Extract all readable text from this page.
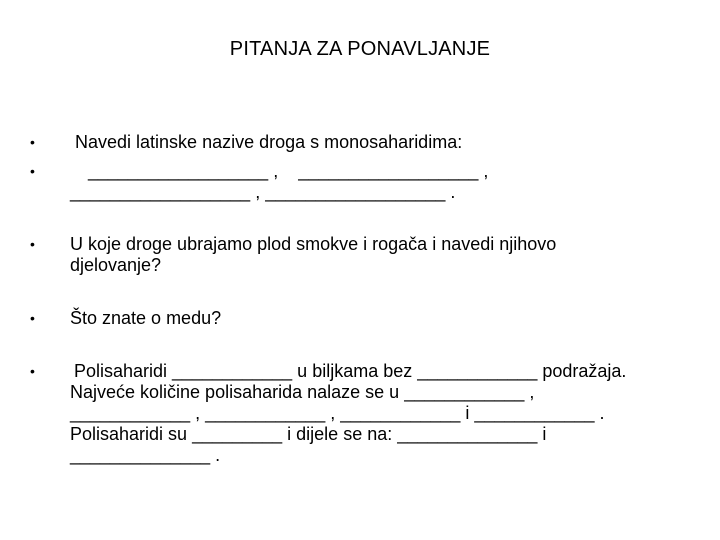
PITANJA ZA PONAVLJANJE
• Navedi latinske nazive droga s monosaharidima:
•	__________________ ,    __________________ ,
__________________ , __________________ .
• U koje droge ubrajamo plod smokve i rogača i navedi njihovo
djelovanje?
• Što znate o medu?
• Polisaharidi ____________ u biljkama bez ____________ podražaja.
Najveće količine polisaharida nalaze se u ____________ ,
____________ , ____________ , ____________ i ____________ .
Polisaharidi su _________ i dijele se na: ______________ i
______________ .
